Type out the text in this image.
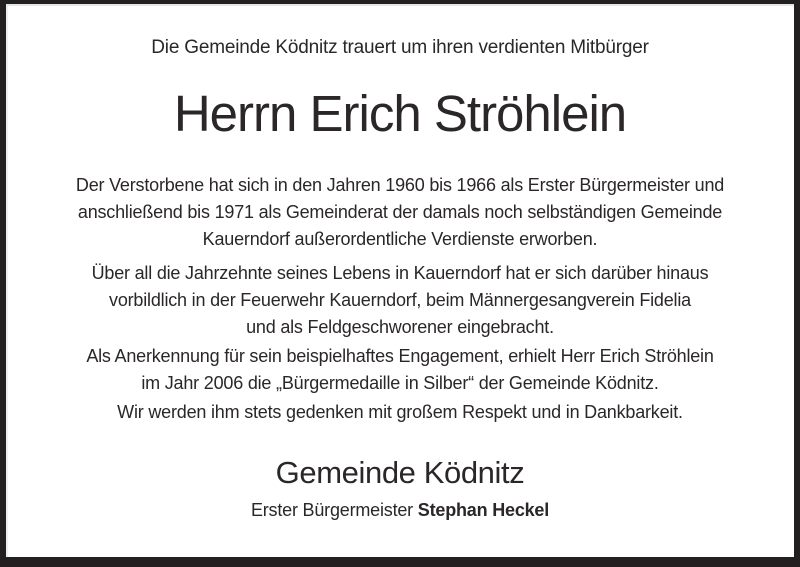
Die Gemeinde Ködnitz trauert um ihren verdienten Mitbürger
Herrn Erich Ströhlein
Der Verstorbene hat sich in den Jahren 1960 bis 1966 als Erster Bürgermeister und
anschließend bis 1971 als Gemeinderat der damals noch selbständigen Gemeinde
Kauerndorf außerordentliche Verdienste erworben.
Über all die Jahrzehnte seines Lebens in Kauerndorf hat er sich darüber hinaus
vorbildlich in der Feuerwehr Kauerndorf, beim Männergesangverein Fidelia
und als Feldgeschworener eingebracht.
Als Anerkennung für sein beispielhaftes Engagement, erhielt Herr Erich Ströhlein
im Jahr 2006 die „Bürgermedaille in Silber“ der Gemeinde Ködnitz.
Wir werden ihm stets gedenken mit großem Respekt und in Dankbarkeit.
Gemeinde Ködnitz
Erster Bürgermeister Stephan Heckel
